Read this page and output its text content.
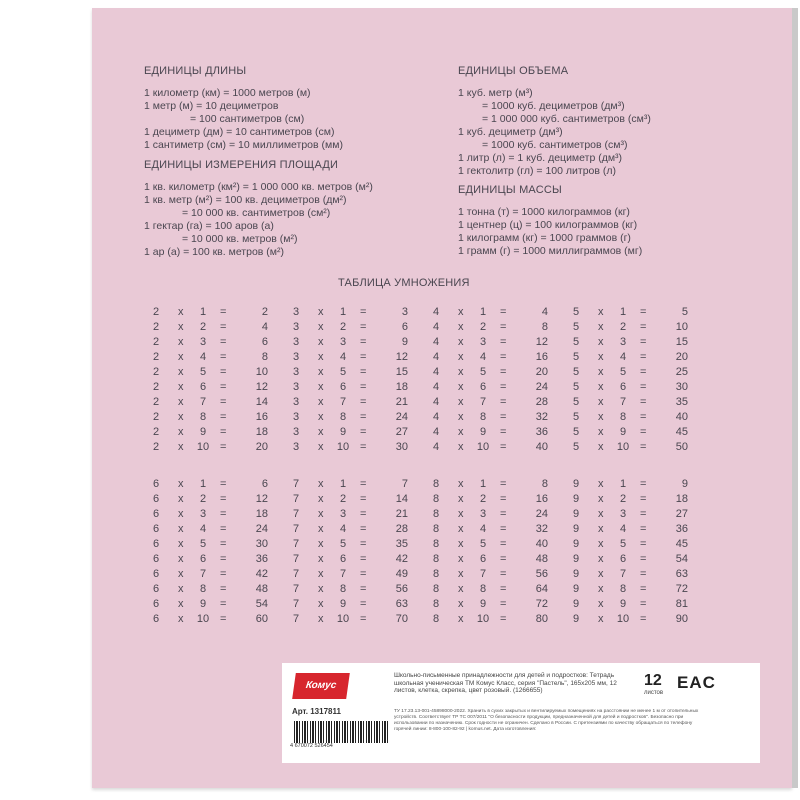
ЕДИНИЦЫ ДЛИНЫ
1 километр (км) = 1000 метров (м)
1 метр (м) = 10 дециметров
= 100 сантиметров (см)
1 дециметр (дм) = 10 сантиметров (см)
1 сантиметр (см) = 10 миллиметров (мм)
ЕДИНИЦЫ ИЗМЕРЕНИЯ ПЛОЩАДИ
1 кв. километр (км²) = 1 000 000 кв. метров (м²)
1 кв. метр (м²) = 100 кв. дециметров (дм²)
= 10 000 кв. сантиметров (см²)
1 гектар (га) = 100 аров (а)
= 10 000 кв. метров (м²)
1 ар (а) = 100 кв. метров (м²)
ЕДИНИЦЫ ОБЪЕМА
1 куб. метр (м³)
= 1000 куб. дециметров (дм³)
= 1 000 000 куб. сантиметров (см³)
1 куб. дециметр (дм³)
= 1000 куб. сантиметров (см³)
1 литр (л) = 1 куб. дециметр (дм³)
1 гектолитр (гл) = 100 литров (л)
ЕДИНИЦЫ МАССЫ
1 тонна (т) = 1000 килограммов (кг)
1 центнер (ц) = 100 килограммов (кг)
1 килограмм (кг) = 1000 граммов (г)
1 грамм (г) = 1000 миллиграммов (мг)
ТАБЛИЦА УМНОЖЕНИЯ
2 x	1	=	2
2 x	2	=	4
2 x	3	=	6
2 x	4	=	8
2 x	5	=	10
2 x	6	=	12
2 x	7	=	14
2 x	8	=	16
2 x	9	=	18
2 x 10 =	20
3 x	1	=	3
3 x	2	=	6
3 x	3	=	9
3 x	4	=	12
3 x	5	=	15
3 x	6	=	18
3 x	7	=	21
3 x	8	=	24
3 x	9	=	27
3 x 10 =	30
4 x	1	=	4
4 x	2	=	8
4 x	3	=	12
4 x	4	=	16
4 x	5	=	20
4 x	6	=	24
4 x	7	=	28
4 x	8	=	32
4 x	9	=	36
4 x 10 =	40
5 x	1	=	5
5 x	2	=	10
5 x	3	=	15
5 x	4	=	20
5 x	5	=	25
5 x	6	=	30
5 x	7	=	35
5 x	8	=	40
5 x	9	=	45
5 x 10 =	50
6 x	1	=	6
6 x	2	=	12
6 x	3	=	18
6 x	4	=	24
6 x	5	=	30
6 x	6	=	36
6 x	7	=	42
6 x	8	=	48
6 x	9	=	54
6 x 10 =	60
7 x	1	=	7
7 x	2	=	14
7 x	3	=	21
7 x	4	=	28
7 x	5	=	35
7 x	6	=	42
7 x	7	=	49
7 x	8	=	56
7 x	9	=	63
7 x 10 =	70
8 x	1	=	8
8 x	2	=	16
8 x	3	=	24
8 x	4	=	32
8 x	5	=	40
8 x	6	=	48
8 x	7	=	56
8 x	8	=	64
8 x	9	=	72
8 x 10 =	80
9 x	1	=	9
9 x	2	=	18
9 x	3	=	27
9 x	4	=	36
9 x	5	=	45
9 x	6	=	54
9 x	7	=	63
9 x	8	=	72
9 x	9	=	81
9 x 10 =	90
Комус
Арт. 1317811
4 670072 526454
Школьно-письменные принадлежности для детей и подростков: Тетрадь школьная ученическая ТМ Комус Класс, серия "Пастель", 165х205 мм, 12 листов, клетка, скрепка, цвет розовый. (1266655)
ТУ 17.23.13-001-45898000-2022. Хранить в сухих закрытых и вентилируемых помещениях на расстоянии не менее 1 м от отопительных устройств. Соответствует ТР ТС 007/2011 "О безопасности продукции, предназначенной для детей и подростков". Безопасно при использовании по назначению. Срок годности не ограничен. Сделано в России. С претензиями по качеству обращаться по телефону горячей линии: 8-800-100-82-92 | komus.net. Дата изготовления:
12
листов
EAC
